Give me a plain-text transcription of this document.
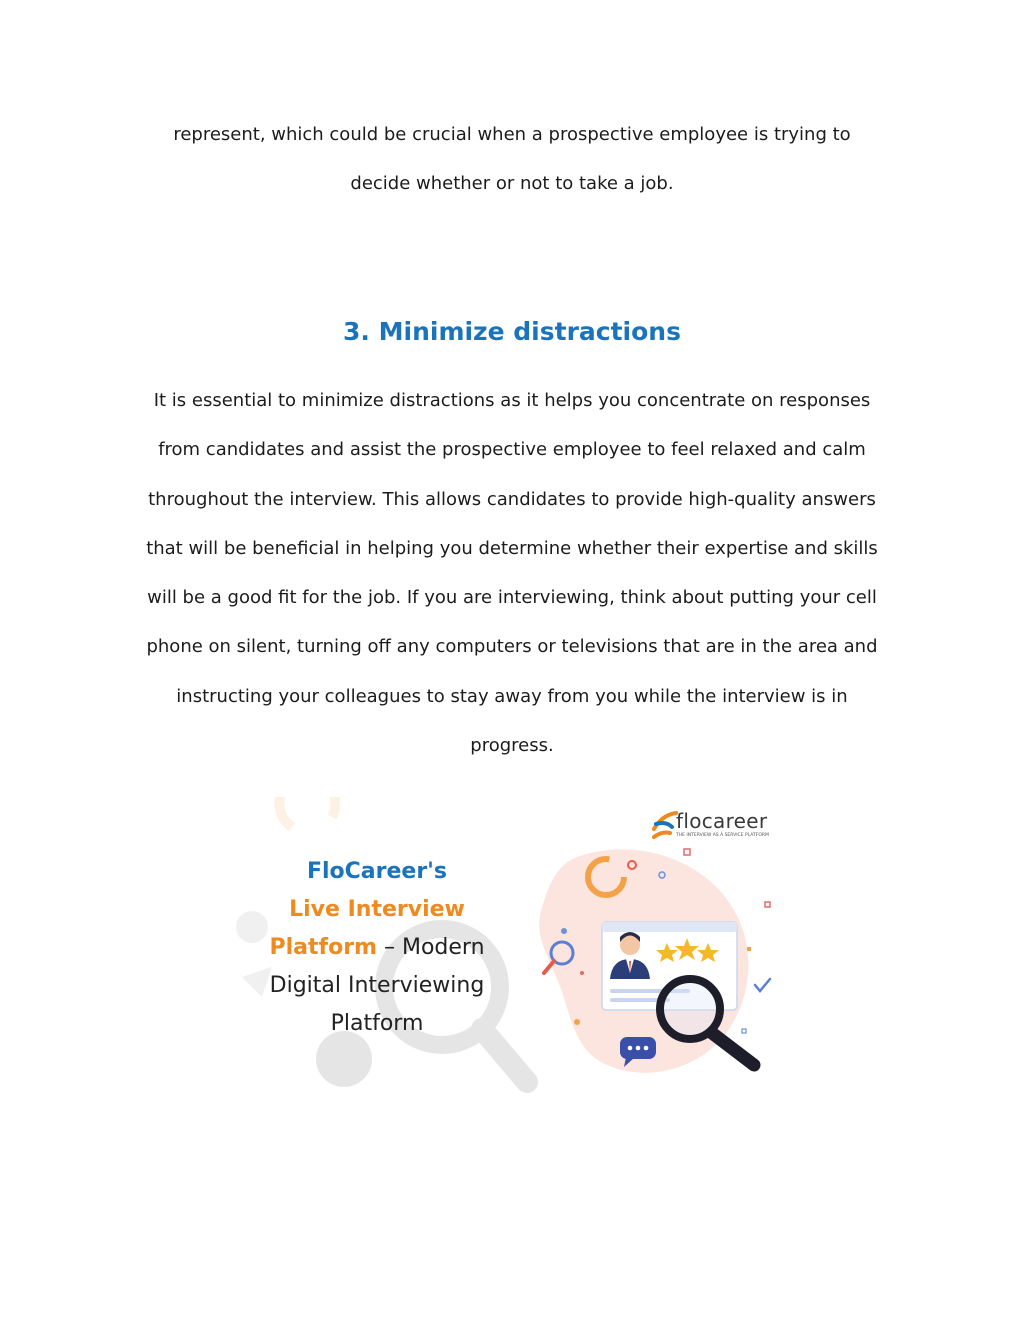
represent, which could be crucial when a prospective employee is trying to
decide whether or not to take a job.

3. Minimize distractions

It is essential to minimize distractions as it helps you concentrate on responses
from candidates and assist the prospective employee to feel relaxed and calm
throughout the interview. This allows candidates to provide high-quality answers
that will be beneficial in helping you determine whether their expertise and skills
will be a good fit for the job. If you are interviewing, think about putting your cell
phone on silent, turning off any computers or televisions that are in the area and
instructing your colleagues to stay away from you while the interview is in
progress.

flocareer
THE INTERVIEW AS A SERVICE PLATFORM
FloCareer's
Live Interview
Platform – Modern
Digital Interviewing
Platform
